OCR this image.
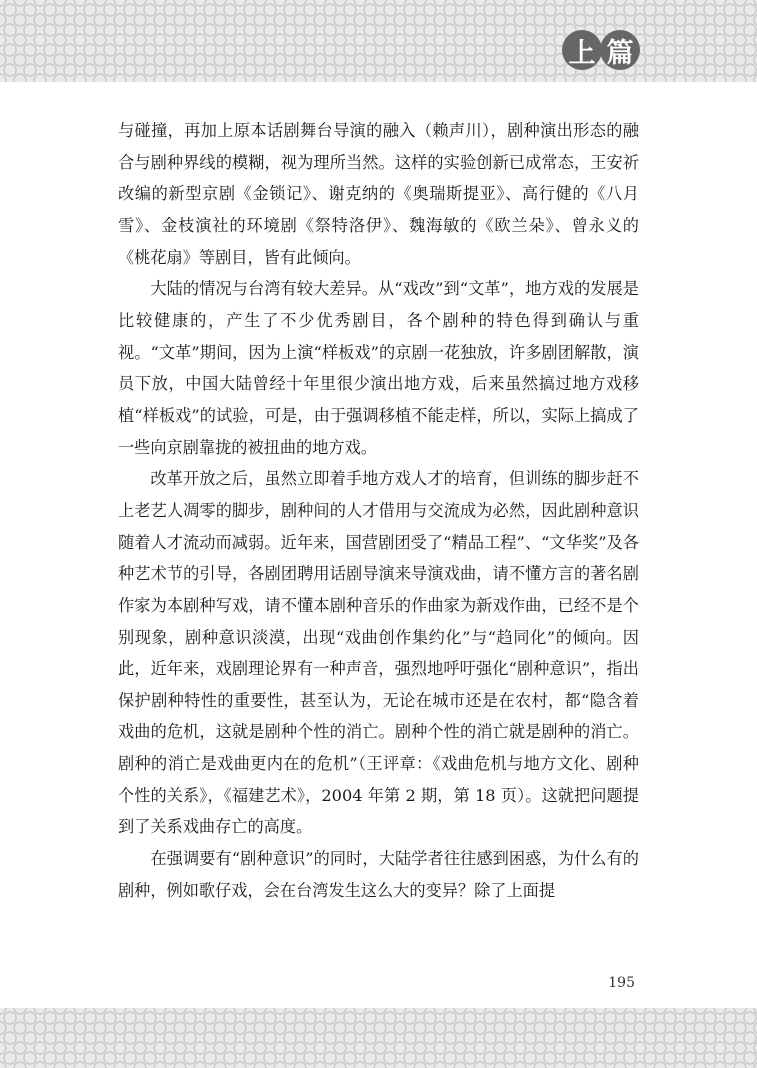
上 篇

与碰撞，再加上原本话剧舞台导演的融入（赖声川），剧种演出形态的融合与剧种界线的模糊，视为理所当然。这样的实验创新已成常态，王安祈改编的新型京剧《金锁记》、谢克纳的《奥瑞斯提亚》、高行健的《八月雪》、金枝演社的环境剧《祭特洛伊》、魏海敏的《欧兰朵》、曾永义的《桃花扇》等剧目，皆有此倾向。

大陆的情况与台湾有较大差异。从“戏改”到“文革”，地方戏的发展是比较健康的，产生了不少优秀剧目，各个剧种的特色得到确认与重视。“文革”期间，因为上演“样板戏”的京剧一花独放，许多剧团解散，演员下放，中国大陆曾经十年里很少演出地方戏，后来虽然搞过地方戏移植“样板戏”的试验，可是，由于强调移植不能走样，所以，实际上搞成了一些向京剧靠拢的被扭曲的地方戏。

改革开放之后，虽然立即着手地方戏人才的培育，但训练的脚步赶不上老艺人凋零的脚步，剧种间的人才借用与交流成为必然，因此剧种意识随着人才流动而减弱。近年来，国营剧团受了“精品工程”、“文华奖”及各种艺术节的引导，各剧团聘用话剧导演来导演戏曲，请不懂方言的著名剧作家为本剧种写戏，请不懂本剧种音乐的作曲家为新戏作曲，已经不是个别现象，剧种意识淡漠，出现“戏曲创作集约化”与“趋同化”的倾向。因此，近年来，戏剧理论界有一种声音，强烈地呼吁强化“剧种意识”，指出保护剧种特性的重要性，甚至认为，无论在城市还是在农村，都“隐含着戏曲的危机，这就是剧种个性的消亡。剧种个性的消亡就是剧种的消亡。剧种的消亡是戏曲更内在的危机”（王评章：《戏曲危机与地方文化、剧种个性的关系》，《福建艺术》，2004 年第 2 期，第 18 页）。这就把问题提到了关系戏曲存亡的高度。

在强调要有“剧种意识”的同时，大陆学者往往感到困惑，为什么有的剧种，例如歌仔戏，会在台湾发生这么大的变异？除了上面提

195
